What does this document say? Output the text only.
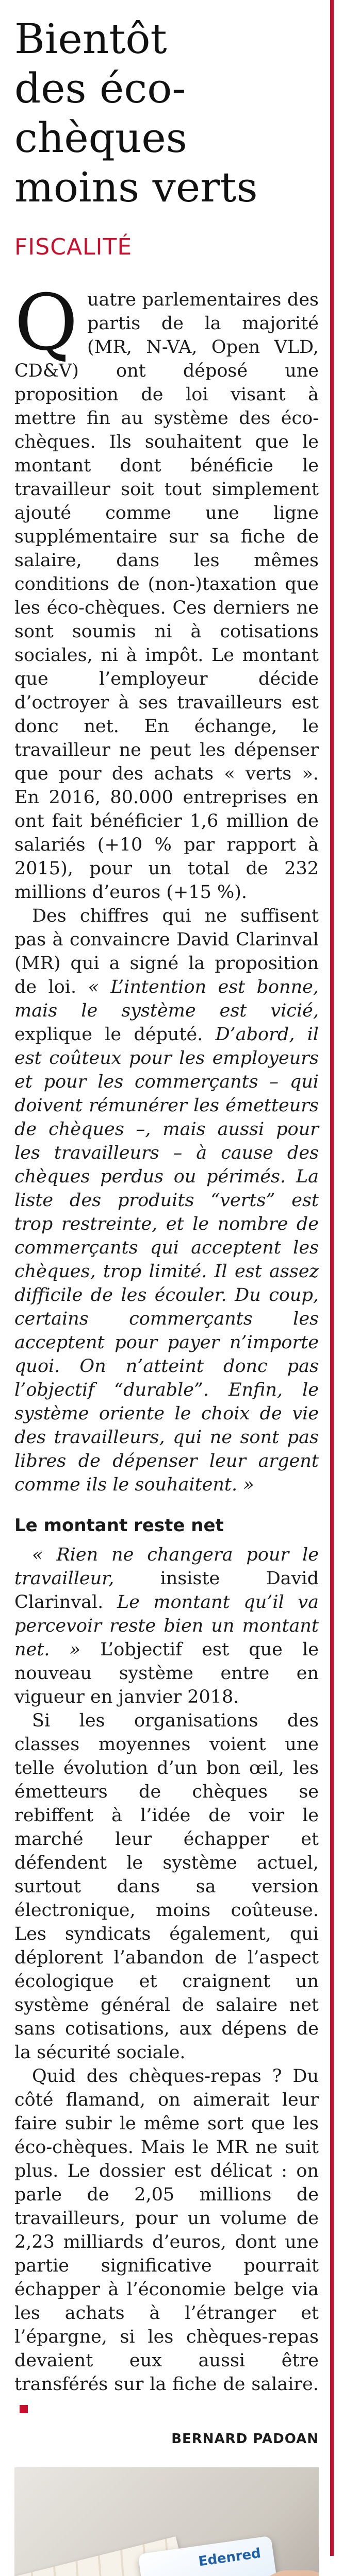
Bientôt
des éco-chèques
moins verts
FISCALITÉ

Quatre parlementaires des partis de la majorité (MR, N-VA, Open VLD, CD&V) ont déposé une proposition de loi visant à mettre fin au système des éco-chèques. Ils souhaitent que le montant dont bénéficie le travailleur soit tout simplement ajouté comme une ligne supplémentaire sur sa fiche de salaire, dans les mêmes conditions de (non-)taxation que les éco-chèques. Ces derniers ne sont soumis ni à cotisations sociales, ni à impôt. Le montant que l’employeur décide d’octroyer à ses travailleurs est donc net. En échange, le travailleur ne peut les dépenser que pour des achats « verts ». En 2016, 80.000 entreprises en ont fait bénéficier 1,6 million de salariés (+10 % par rapport à 2015), pour un total de 232 millions d’euros (+15 %).

Des chiffres qui ne suffisent pas à convaincre David Clarinval (MR) qui a signé la proposition de loi. « L’intention est bonne, mais le système est vicié, explique le député. D’abord, il est coûteux pour les employeurs et pour les commerçants – qui doivent rémunérer les émetteurs de chèques –, mais aussi pour les travailleurs – à cause des chèques perdus ou périmés. La liste des produits “verts” est trop restreinte, et le nombre de commerçants qui acceptent les chèques, trop limité. Il est assez difficile de les écouler. Du coup, certains commerçants les acceptent pour payer n’importe quoi. On n’atteint donc pas l’objectif “durable”. Enfin, le système oriente le choix de vie des travailleurs, qui ne sont pas libres de dépenser leur argent comme ils le souhaitent. »

Le montant reste net

« Rien ne changera pour le travailleur, insiste David Clarinval. Le montant qu’il va percevoir reste bien un montant net. » L’objectif est que le nouveau système entre en vigueur en janvier 2018.

Si les organisations des classes moyennes voient une telle évolution d’un bon œil, les émetteurs de chèques se rebiffent à l’idée de voir le marché leur échapper et défendent le système actuel, surtout dans sa version électronique, moins coûteuse. Les syndicats également, qui déplorent l’abandon de l’aspect écologique et craignent un système général de salaire net sans cotisations, aux dépens de la sécurité sociale.

Quid des chèques-repas ? Du côté flamand, on aimerait leur faire subir le même sort que les éco-chèques. Mais le MR ne suit plus. Le dossier est délicat : on parle de 2,05 millions de travailleurs, pour un volume de 2,23 milliards d’euros, dont une partie significative pourrait échapper à l’économie belge via les achats à l’étranger et l’épargne, si les chèques-repas devaient eux aussi être transférés sur la fiche de salaire.

BERNARD PADOAN
Edenred
